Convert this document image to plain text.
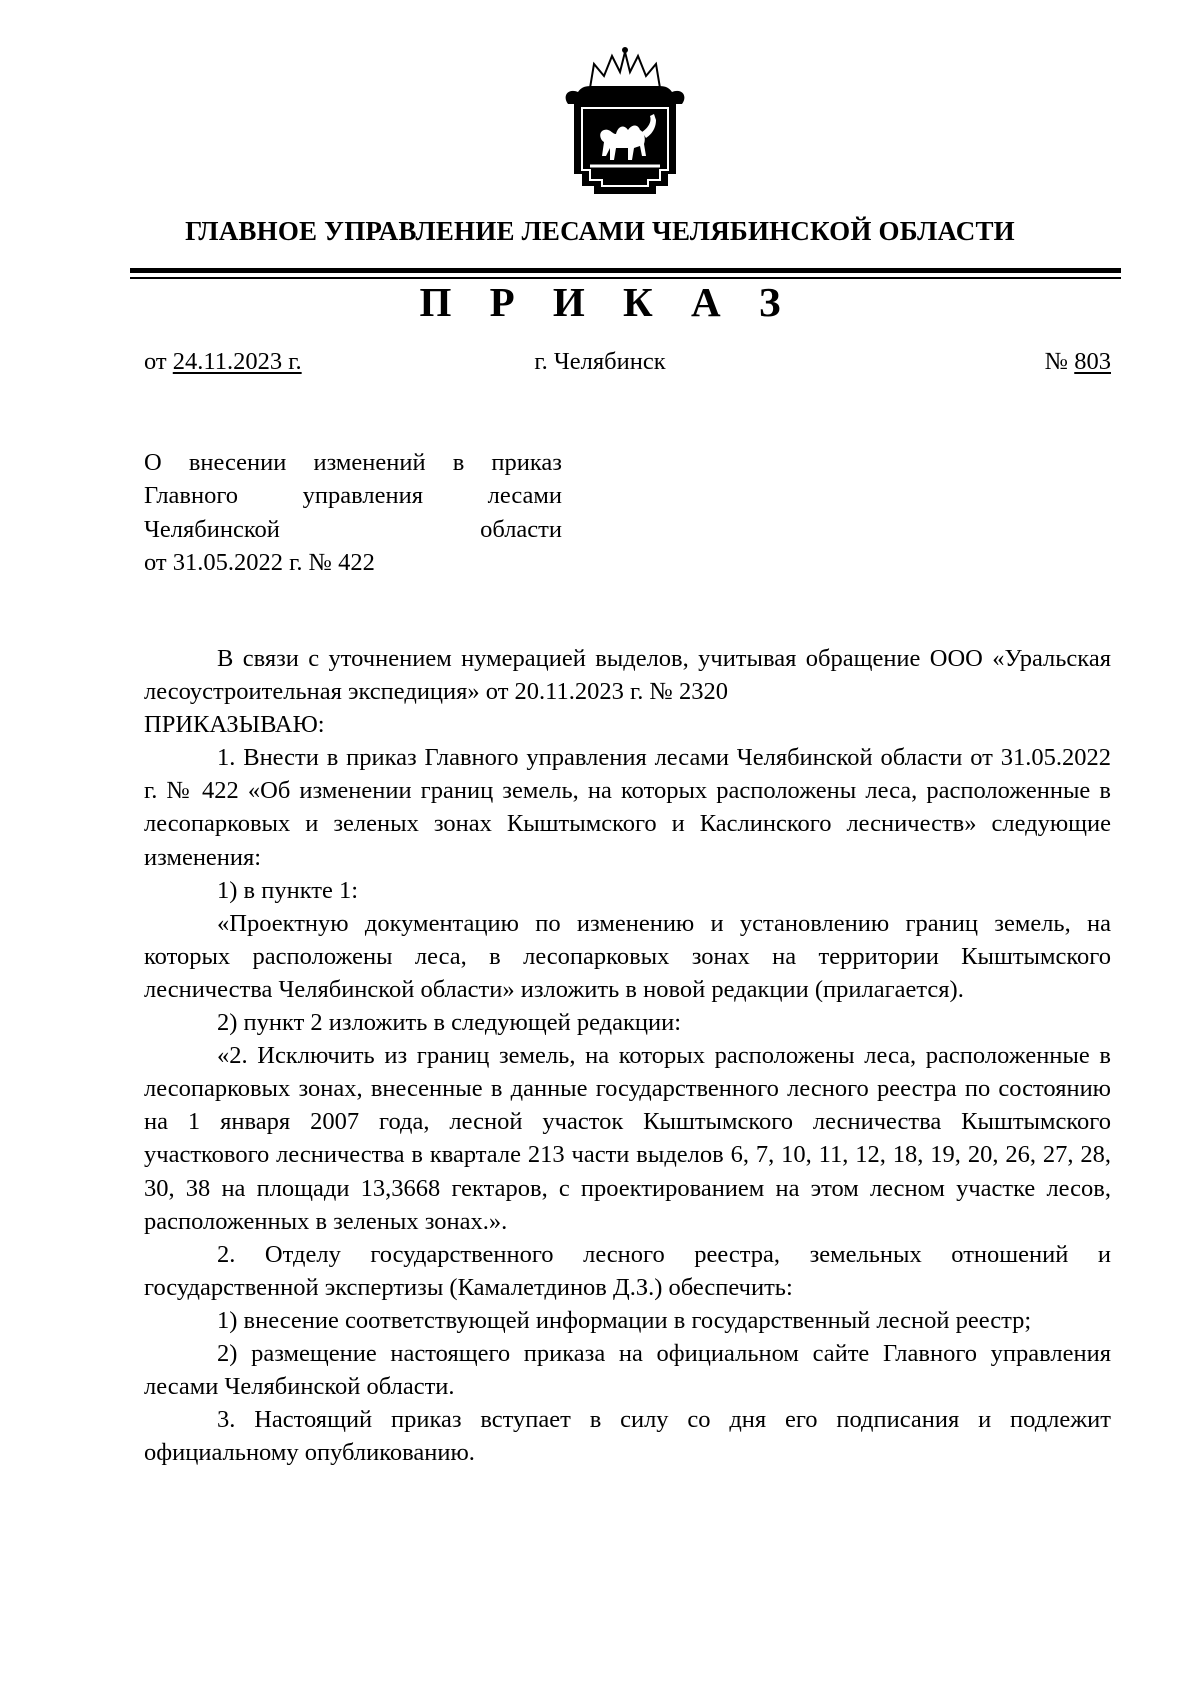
ГЛАВНОЕ УПРАВЛЕНИЕ ЛЕСАМИ ЧЕЛЯБИНСКОЙ ОБЛАСТИ
П Р И К А З
от 24.11.2023 г.	г. Челябинск	№ 803
О внесении изменений в приказ
Главного управления лесами
Челябинской области
от 31.05.2022 г. № 422

В связи с уточнением нумерацией выделов, учитывая обращение ООО «Уральская лесоустроительная экспедиция» от 20.11.2023 г. № 2320

ПРИКАЗЫВАЮ:

1. Внести в приказ Главного управления лесами Челябинской области от 31.05.2022 г. № 422 «Об изменении границ земель, на которых расположены леса, расположенные в лесопарковых и зеленых зонах Кыштымского и Каслинского лесничеств» следующие изменения:

1) в пункте 1:

«Проектную документацию по изменению и установлению границ земель, на которых расположены леса, в лесопарковых зонах на территории Кыштымского лесничества Челябинской области» изложить в новой редакции (прилагается).

2) пункт 2 изложить в следующей редакции:

«2. Исключить из границ земель, на которых расположены леса, расположенные в лесопарковых зонах, внесенные в данные государственного лесного реестра по состоянию на 1 января 2007 года, лесной участок Кыштымского лесничества Кыштымского участкового лесничества в квартале 213 части выделов 6, 7, 10, 11, 12, 18, 19, 20, 26, 27, 28, 30, 38 на площади 13,3668 гектаров, с проектированием на этом лесном участке лесов, расположенных в зеленых зонах.».

2. Отделу государственного лесного реестра, земельных отношений и государственной экспертизы (Камалетдинов Д.З.) обеспечить:

1) внесение соответствующей информации в государственный лесной реестр;

2) размещение настоящего приказа на официальном сайте Главного управления лесами Челябинской области.

3. Настоящий приказ вступает в силу со дня его подписания и подлежит официальному опубликованию.
